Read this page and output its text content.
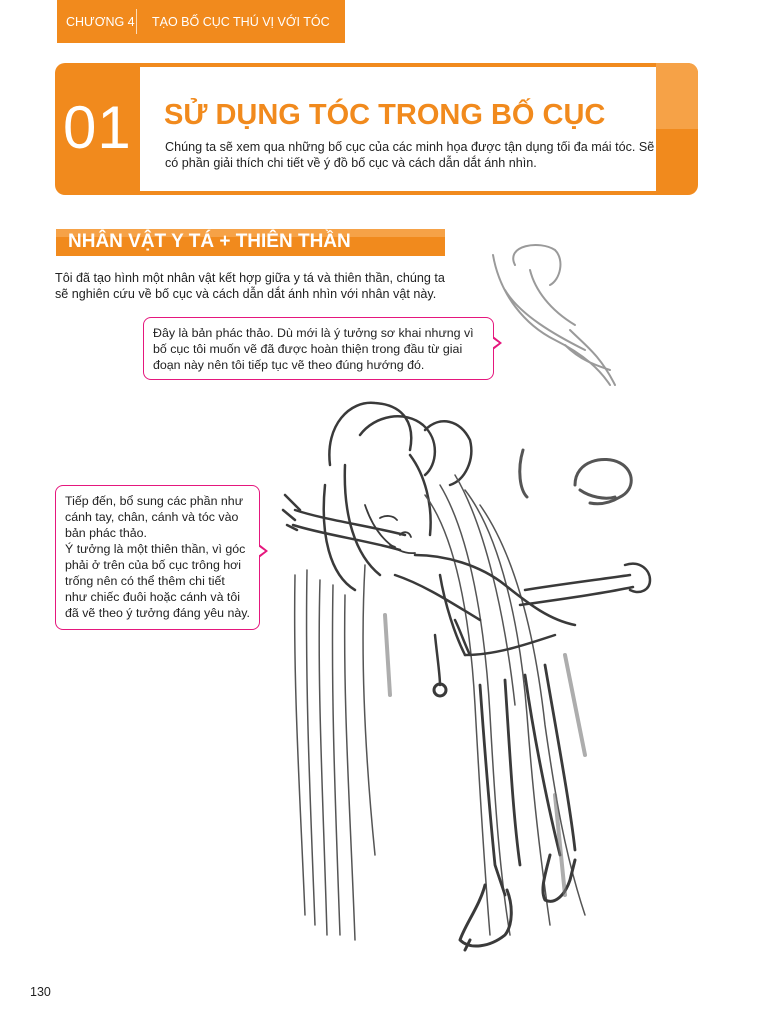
CHƯƠNG 4	TẠO BỐ CỤC THÚ VỊ VỚI TÓC
01 SỬ DỤNG TÓC TRONG BỐ CỤC
Chúng ta sẽ xem qua những bố cục của các minh họa được tận dụng tối đa mái tóc. Sẽ có phần giải thích chi tiết về ý đồ bố cục và cách dẫn dắt ánh nhìn.
NHÂN VẬT Y TÁ + THIÊN THẦN
Tôi đã tạo hình một nhân vật kết hợp giữa y tá và thiên thần, chúng ta sẽ nghiên cứu về bố cục và cách dẫn dắt ánh nhìn với nhân vật này.
Đây là bản phác thảo. Dù mới là ý tưởng sơ khai nhưng vì bố cục tôi muốn vẽ đã được hoàn thiện trong đầu từ giai đoạn này nên tôi tiếp tục vẽ theo đúng hướng đó.
Tiếp đến, bổ sung các phần như cánh tay, chân, cánh và tóc vào bản phác thảo.
Ý tưởng là một thiên thần, vì góc phải ở trên của bố cục trông hơi trống nên có thể thêm chi tiết như chiếc đuôi hoặc cánh và tôi đã vẽ theo ý tưởng đáng yêu này.
130
